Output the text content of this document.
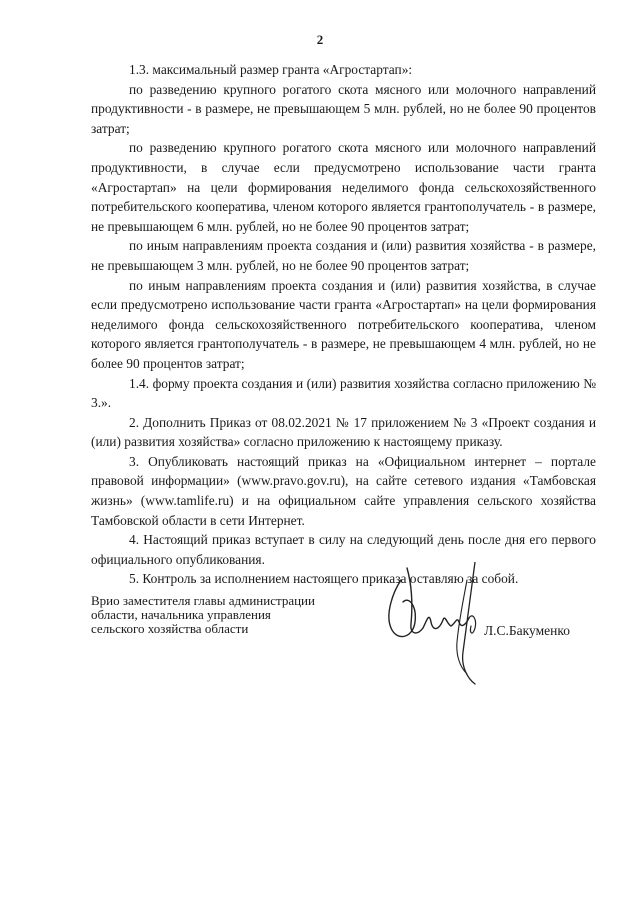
2

1.3. максимальный размер гранта «Агростартап»:

по разведению крупного рогатого скота мясного или молочного направлений продуктивности - в размере, не превышающем 5 млн. рублей, но не более 90 процентов затрат;

по разведению крупного рогатого скота мясного или молочного направлений продуктивности, в случае если предусмотрено использование части гранта «Агростартап» на цели формирования неделимого фонда сельскохозяйственного потребительского кооператива, членом которого является грантополучатель - в размере, не превышающем 6 млн. рублей, но не более 90 процентов затрат;

по иным направлениям проекта создания и (или) развития хозяйства - в размере, не превышающем 3 млн. рублей, но не более 90 процентов затрат;

по иным направлениям проекта создания и (или) развития хозяйства, в случае если предусмотрено использование части гранта «Агростартап» на цели формирования неделимого фонда сельскохозяйственного потребительского кооператива, членом которого является грантополучатель - в размере, не превышающем 4 млн. рублей, но не более 90 процентов затрат;

1.4. форму проекта создания и (или) развития хозяйства согласно приложению № 3.».

2. Дополнить Приказ от 08.02.2021 № 17 приложением № 3 «Проект создания и (или) развития хозяйства» согласно приложению к настоящему приказу.

3. Опубликовать настоящий приказ на «Официальном интернет – портале правовой информации» (www.pravo.gov.ru), на сайте сетевого издания «Тамбовская жизнь» (www.tamlife.ru) и на официальном сайте управления сельского хозяйства Тамбовской области в сети Интернет.

4. Настоящий приказ вступает в силу на следующий день после дня его первого официального опубликования.

5. Контроль за исполнением настоящего приказа оставляю за собой.

Врио заместителя главы администрации
области, начальника управления
сельского хозяйства области	Л.С.Бакуменко
